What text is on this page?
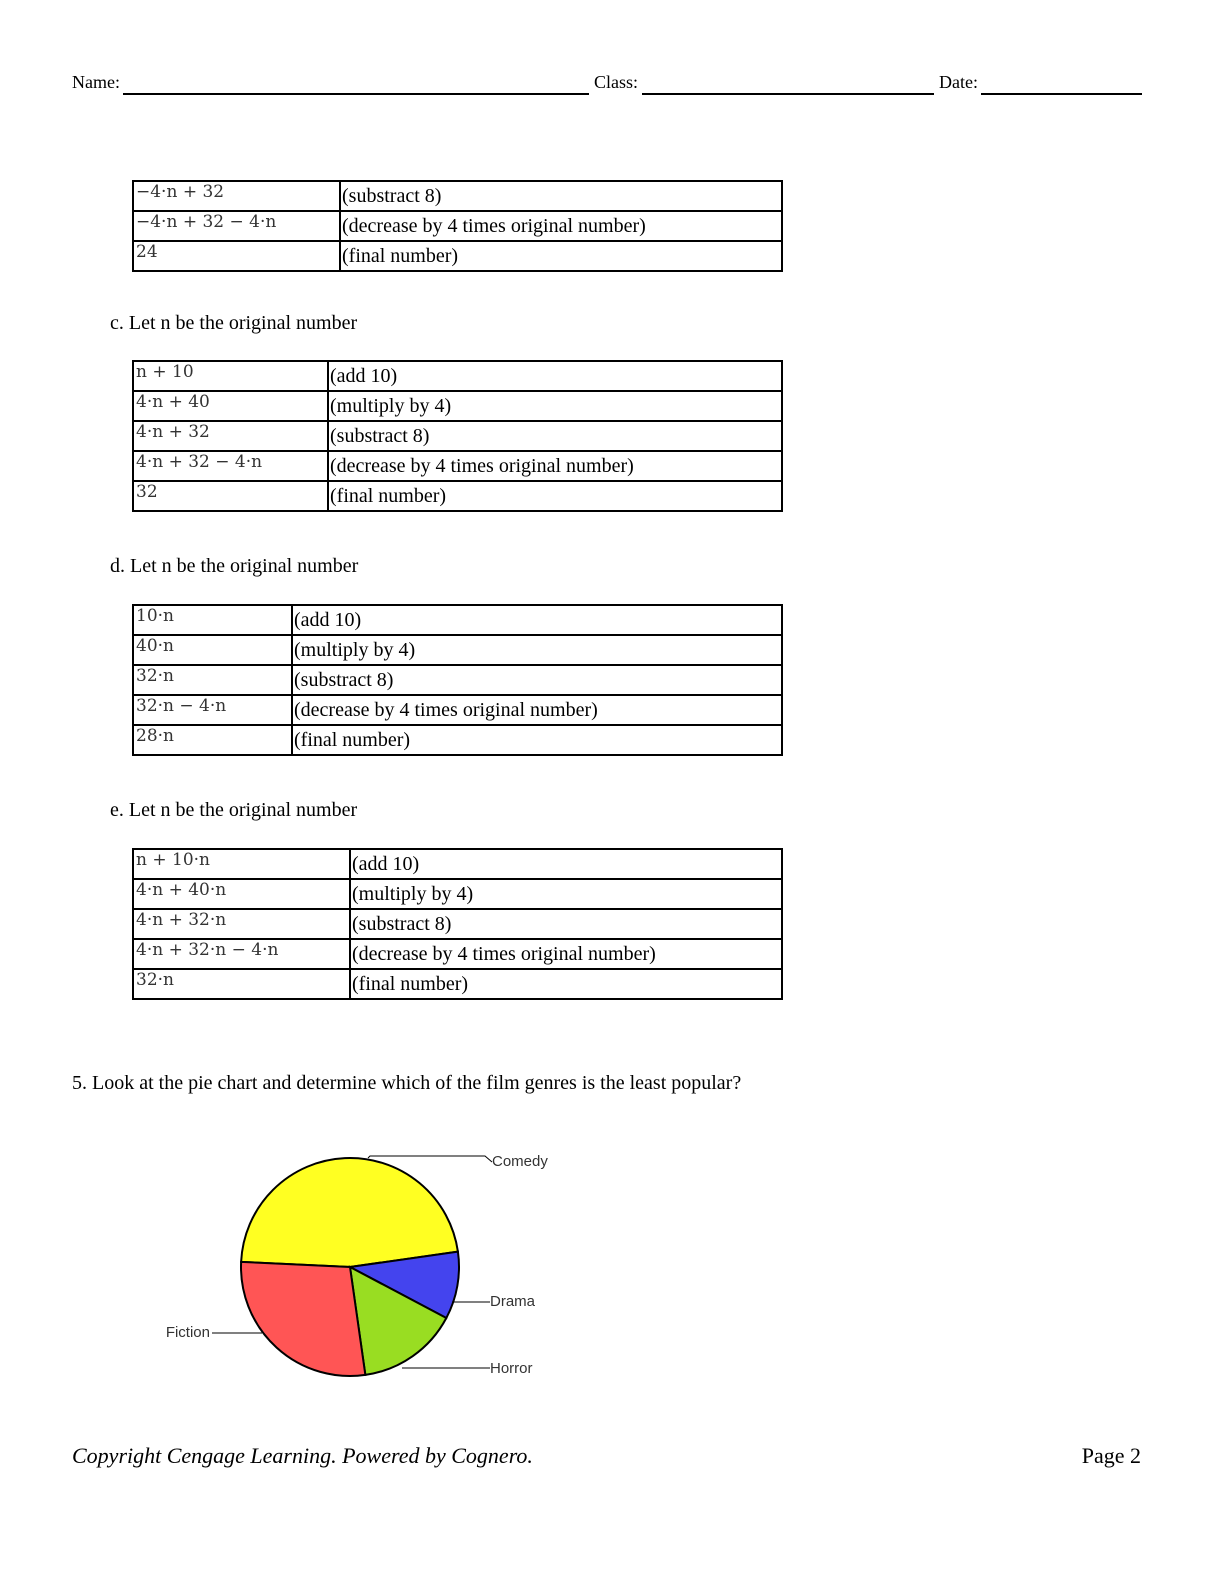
Name:	Class:	Date:
−4·n + 32	(substract 8)
−4·n + 32 − 4·n	(decrease by 4 times original number)
24	(final number)
c. Let n be the original number
n + 10	(add 10)
4·n + 40	(multiply by 4)
4·n + 32	(substract 8)
4·n + 32 − 4·n	(decrease by 4 times original number)
32	(final number)
d. Let n be the original number
10·n	(add 10)
40·n	(multiply by 4)
32·n	(substract 8)
32·n − 4·n	(decrease by 4 times original number)
28·n	(final number)
e. Let n be the original number
n + 10·n	(add 10)
4·n + 40·n	(multiply by 4)
4·n + 32·n	(substract 8)
4·n + 32·n − 4·n	(decrease by 4 times original number)
32·n	(final number)
5. Look at the pie chart and determine which of the film genres is the least popular?
Comedy
Drama
Horror
Fiction
Copyright Cengage Learning. Powered by Cognero.	Page 2
